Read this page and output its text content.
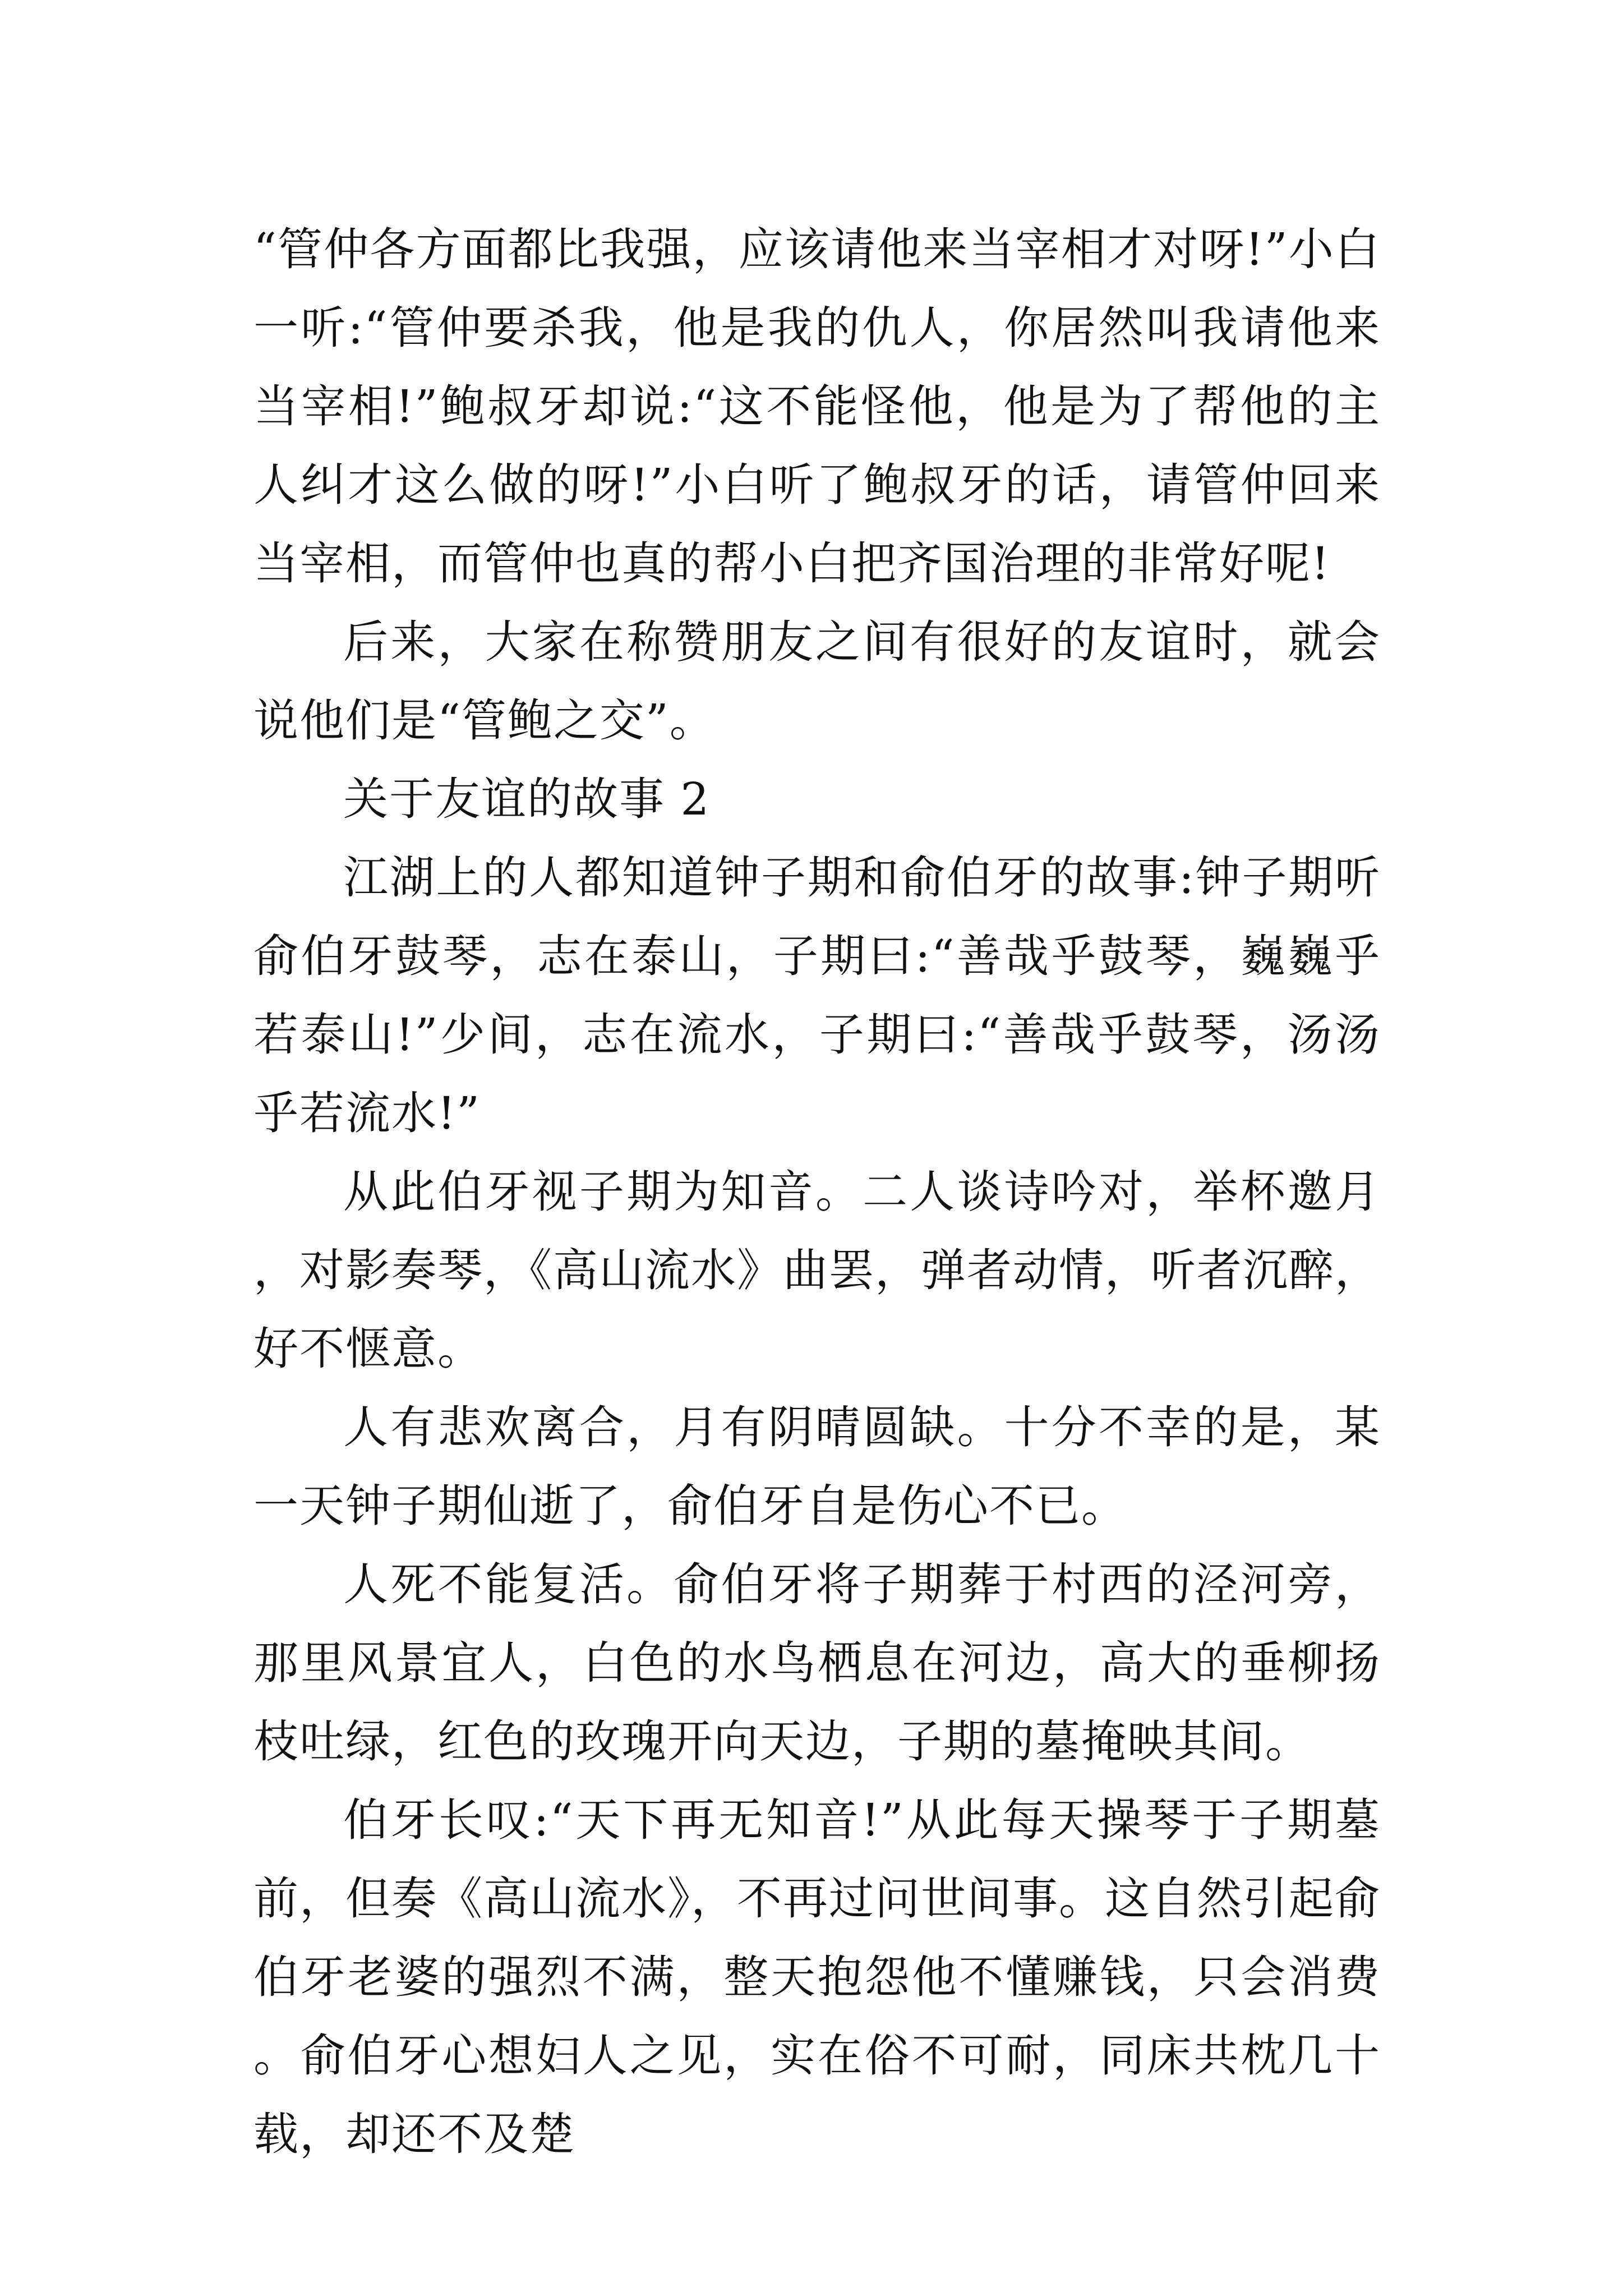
“管仲各方面都比我强，应该请他来当宰相才对呀!”小白一听:“管仲要杀我，他是我的仇人，你居然叫我请他来当宰相!”鲍叔牙却说:“这不能怪他，他是为了帮他的主人纠才这么做的呀!”小白听了鲍叔牙的话，请管仲回来当宰相，而管仲也真的帮小白把齐国治理的非常好呢!

后来，大家在称赞朋友之间有很好的友谊时，就会说他们是“管鲍之交”。

关于友谊的故事 2

江湖上的人都知道钟子期和俞伯牙的故事:钟子期听俞伯牙鼓琴，志在泰山，子期曰:“善哉乎鼓琴，巍巍乎若泰山!”少间，志在流水，子期曰:“善哉乎鼓琴，汤汤乎若流水!”

从此伯牙视子期为知音。二人谈诗吟对，举杯邀月，对影奏琴，《高山流水》曲罢，弹者动情，听者沉醉，好不惬意。

人有悲欢离合，月有阴晴圆缺。十分不幸的是，某一天钟子期仙逝了，俞伯牙自是伤心不已。

人死不能复活。俞伯牙将子期葬于村西的泾河旁，那里风景宜人，白色的水鸟栖息在河边，高大的垂柳扬枝吐绿，红色的玫瑰开向天边，子期的墓掩映其间。

伯牙长叹:“天下再无知音!”从此每天操琴于子期墓前，但奏《高山流水》，不再过问世间事。这自然引起俞伯牙老婆的强烈不满，整天抱怨他不懂赚钱，只会消费。俞伯牙心想妇人之见，实在俗不可耐，同床共枕几十载，却还不及楚
